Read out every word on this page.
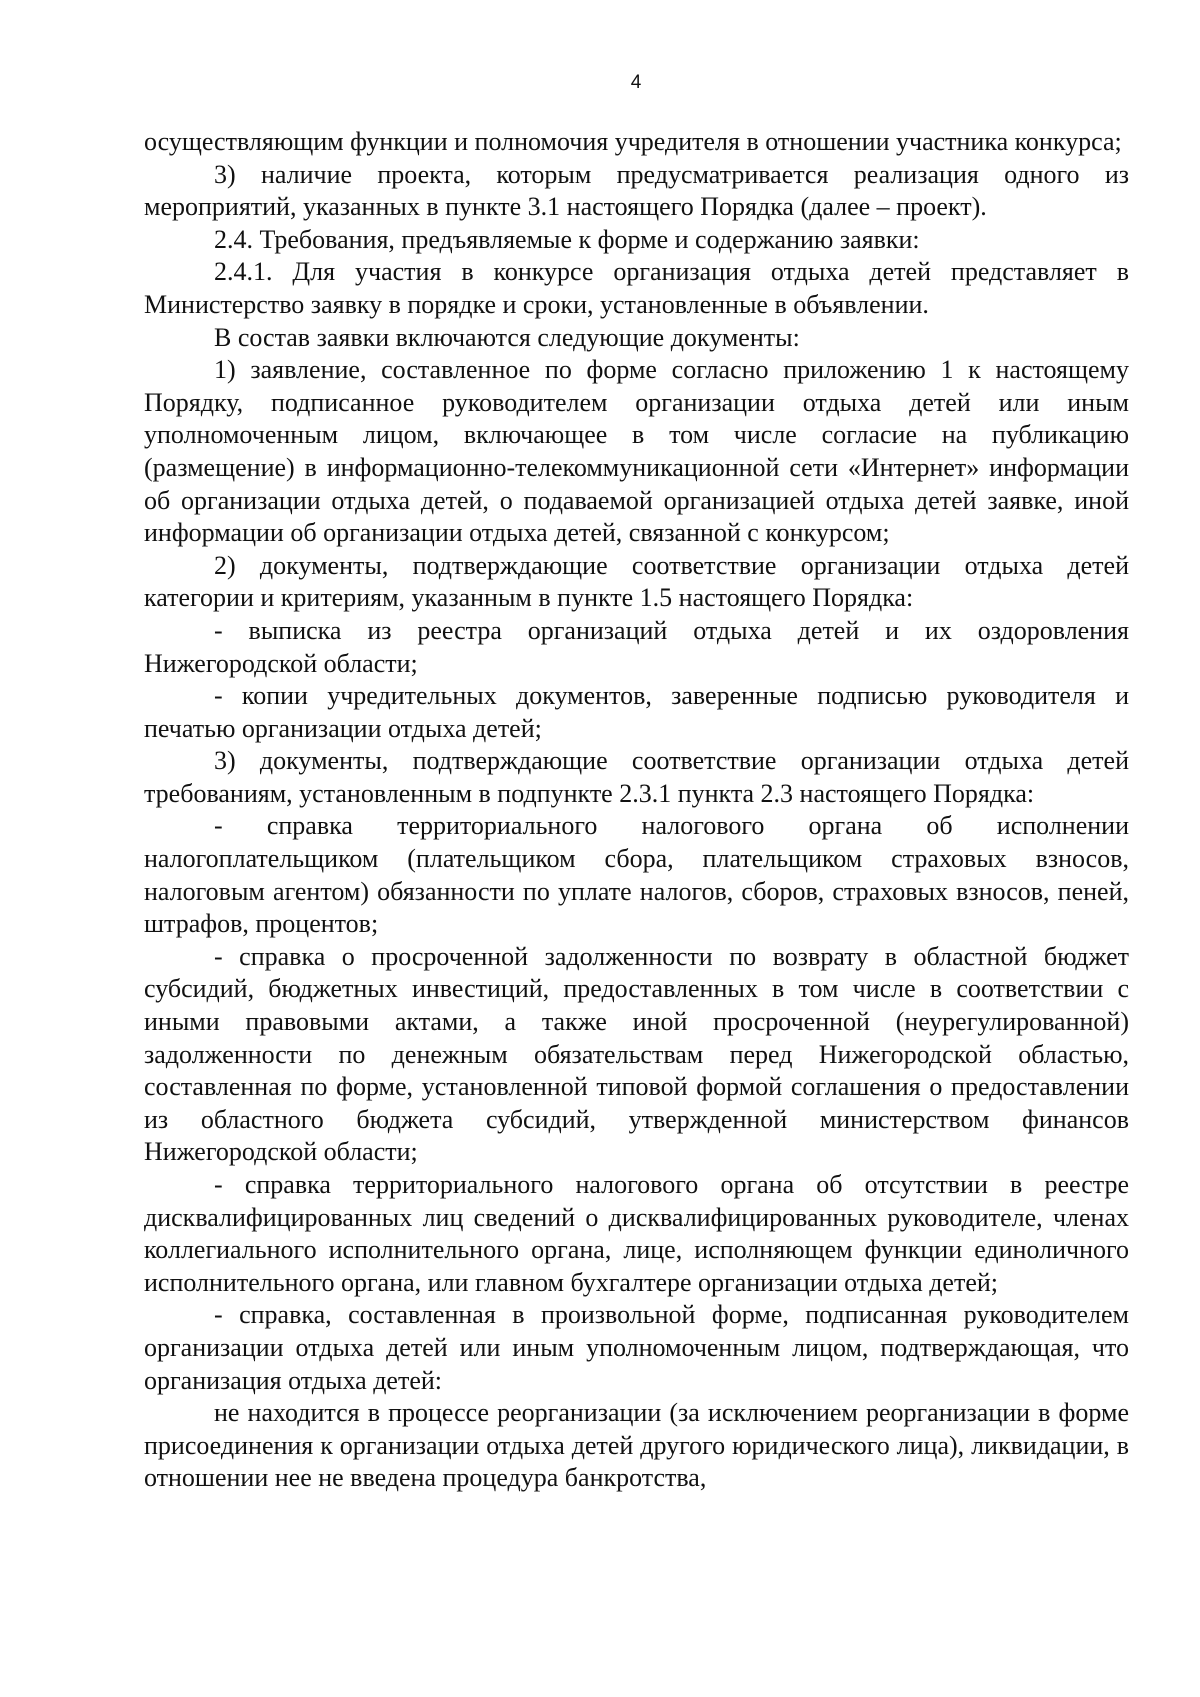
4

осуществляющим функции и полномочия учредителя в отношении участника конкурса;

3) наличие проекта, которым предусматривается реализация одного из мероприятий, указанных в пункте 3.1 настоящего Порядка (далее – проект).

2.4. Требования, предъявляемые к форме и содержанию заявки:

2.4.1. Для участия в конкурсе организация отдыха детей представляет в Министерство заявку в порядке и сроки, установленные в объявлении.

В состав заявки включаются следующие документы:

1) заявление, составленное по форме согласно приложению 1 к настоящему Порядку, подписанное руководителем организации отдыха детей или иным уполномоченным лицом, включающее в том числе согласие на публикацию (размещение) в информационно-телекоммуникационной сети «Интернет» информации об организации отдыха детей, о подаваемой организацией отдыха детей заявке, иной информации об организации отдыха детей, связанной с конкурсом;

2) документы, подтверждающие соответствие организации отдыха детей категории и критериям, указанным в пункте 1.5 настоящего Порядка:

- выписка из реестра организаций отдыха детей и их оздоровления Нижегородской области;

- копии учредительных документов, заверенные подписью руководителя и печатью организации отдыха детей;

3) документы, подтверждающие соответствие организации отдыха детей требованиям, установленным в подпункте 2.3.1 пункта 2.3 настоящего Порядка:

- справка территориального налогового органа об исполнении налогоплательщиком (плательщиком сбора, плательщиком страховых взносов, налоговым агентом) обязанности по уплате налогов, сборов, страховых взносов, пеней, штрафов, процентов;

- справка о просроченной задолженности по возврату в областной бюджет субсидий, бюджетных инвестиций, предоставленных в том числе в соответствии с иными правовыми актами, а также иной просроченной (неурегулированной) задолженности по денежным обязательствам перед Нижегородской областью, составленная по форме, установленной типовой формой соглашения о предоставлении из областного бюджета субсидий, утвержденной министерством финансов Нижегородской области;

- справка территориального налогового органа об отсутствии в реестре дисквалифицированных лиц сведений о дисквалифицированных руководителе, членах коллегиального исполнительного органа, лице, исполняющем функции единоличного исполнительного органа, или главном бухгалтере организации отдыха детей;

- справка, составленная в произвольной форме, подписанная руководителем организации отдыха детей или иным уполномоченным лицом, подтверждающая, что организация отдыха детей:

не находится в процессе реорганизации (за исключением реорганизации в форме присоединения к организации отдыха детей другого юридического лица), ликвидации, в отношении нее не введена процедура банкротства,
